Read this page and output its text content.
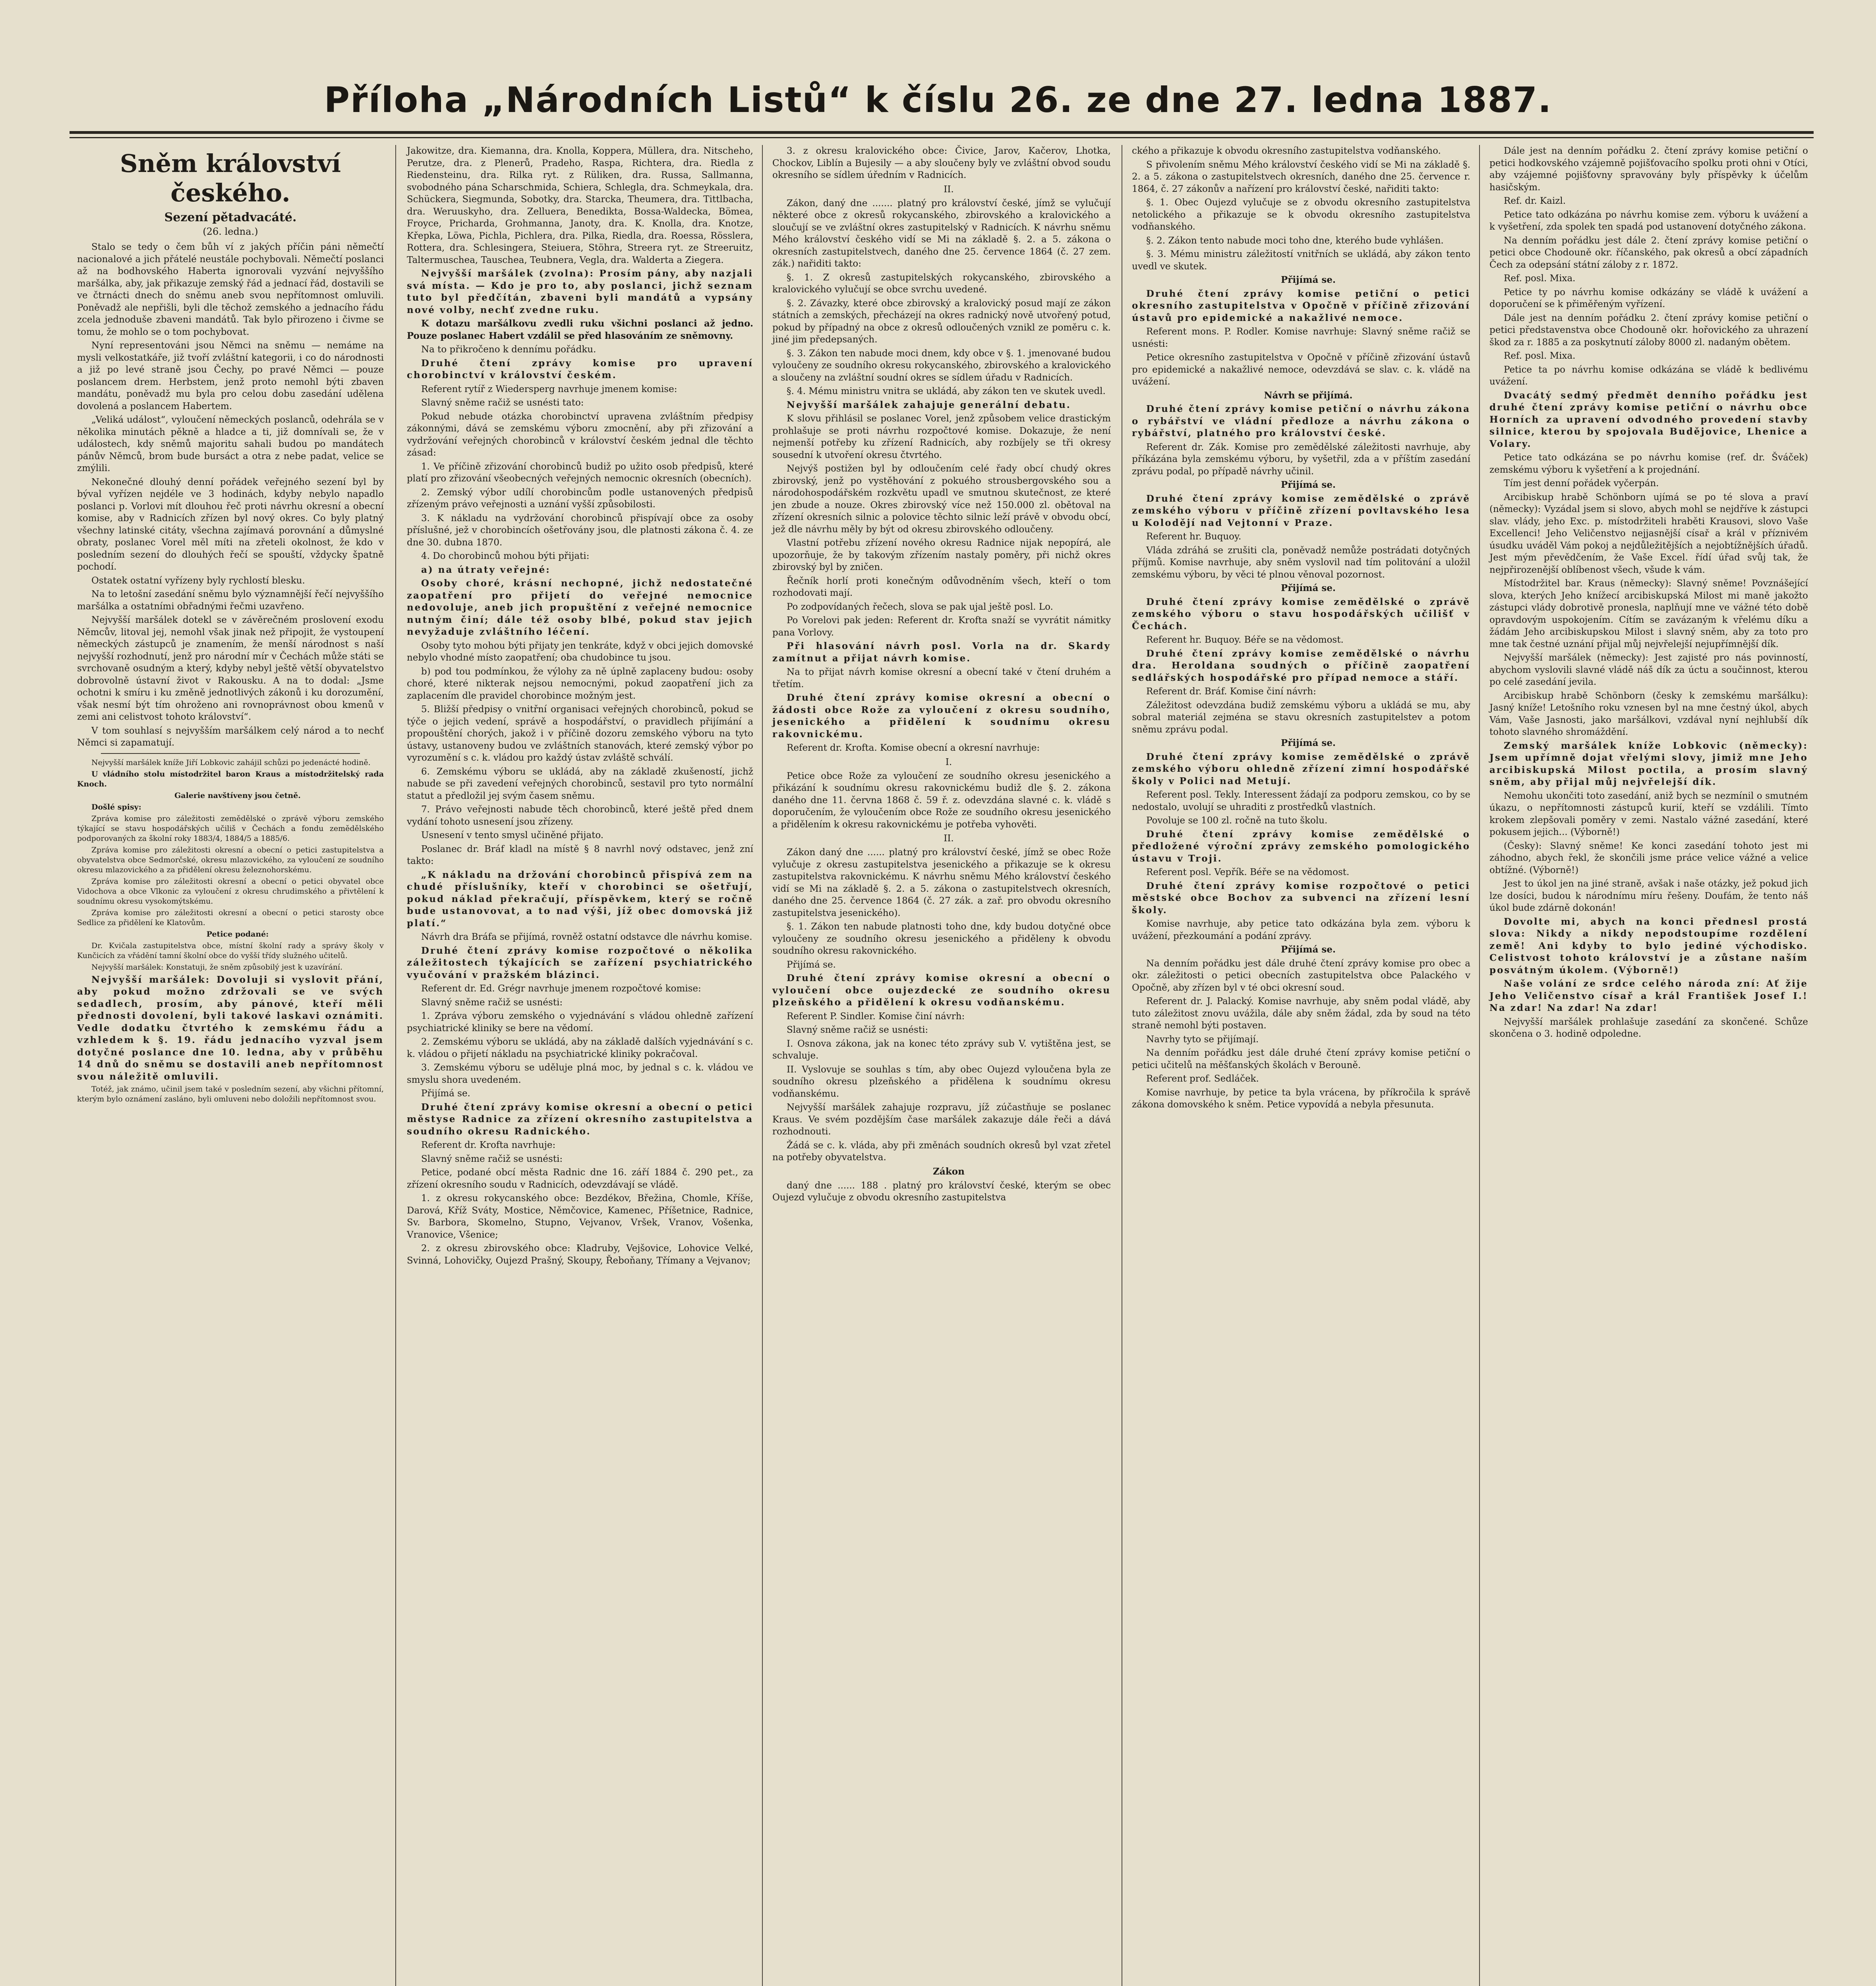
Příloha „Národních Listů“ k číslu 26. ze dne 27. ledna 1887.
Sněm království českého.
Sezení pětadvacáté.
(26. ledna.)

Stalo se tedy o čem bůh ví z jakých příčin páni němečtí nacionalové a jich přátelé neustále pochybovali. Němečtí poslanci až na bodhovského Haberta ignorovali vyzvání nejvyššího maršálka, aby, jak přikazuje zemský řád a jednací řád, dostavili se ve čtrnácti dnech do sněmu aneb svou nepřítomnost omluvili. Poněvadž ale nepřišli, byli dle těchož zemského a jednacího řádu zcela jednoduše zbaveni mandátů. Tak bylo přirozeno i čivme se tomu, že mohlo se o tom pochybovat.

Nyní representováni jsou Němci na sněmu — nemáme na mysli velkostatkáře, již tvoří zvláštní kategorii, i co do národnosti a již po levé straně jsou Čechy, po pravé Němci — pouze poslancem drem. Herbstem, jenž proto nemohl býti zbaven mandátu, poněvadž mu byla pro celou dobu zasedání udělena dovolená a poslancem Habertem.

„Veliká událost“, vyloučení německých poslanců, odehrála se v několika minutách pěkně a hladce a ti, již domnívali se, že v událostech, kdy sněmů majoritu sahali budou po mandátech pánův Němců, brom bude bursáct a otra z nebe padat, velice se zmýlili.

Nekonečné dlouhý denní pořádek veřejného sezení byl by býval vyřízen nejdéle ve 3 hodinách, kdyby nebylo napadlo poslanci p. Vorlovi mít dlouhou řeč proti návrhu okresní a obecní komise, aby v Radnicích zřízen byl nový okres. Co byly platný všechny latinské citáty, všechna zajímavá porovnání a důmyslné obraty, poslanec Vorel měl míti na zřeteli okolnost, že kdo v posledním sezení do dlouhých řečí se spouští, vždycky špatně pochodí.

Ostatek ostatní vyřízeny byly rychlostí blesku.

Na to letošní zasedání sněmu bylo významnější řečí nejvyššího maršálka a ostatními obřadnými řečmi uzavřeno.

Nejvyšší maršálek dotekl se v závěrečném proslovení exodu Němcův, litoval jej, nemohl však jinak než připojit, že vystoupení německých zástupců je znamením, že menší národnost s naší nejvyšší rozhodnutí, jenž pro národní mír v Čechách může státi se svrchovaně osudným a který, kdyby nebyl ještě větší obyvatelstvo dobrovolně ústavní život v Rakousku. A na to dodal: „Jsme ochotni k smíru i ku změně jednotlivých zákonů i ku dorozumění, však nesmí být tím ohroženo ani rovnoprávnost obou kmenů v zemi ani celistvost tohoto království“.

V tom souhlasí s nejvyšším maršálkem celý národ a to nechť Němci si zapamatují.

Nejvyšší maršálek kníže Jiří Lobkovic zahájil schůzi po jedenácté hodině.

U vládního stolu místodržitel baron Kraus a místodržitelský rada Knoch.

Galerie navštíveny jsou četně.

Došlé spisy:

Zpráva komise pro záležitosti zemědělské o zprávě výboru zemského týkající se stavu hospodářských učiliš v Čechách a fondu zemědělského podporovaných za školní roky 1883/4, 1884/5 a 1885/6.

Zpráva komise pro záležitosti okresní a obecní o petici zastupitelstva a obyvatelstva obce Sedmorčské, okresu mlazovického, za vyloučení ze soudního okresu mlazovického a za přidělení okresu železnohorskému.

Zpráva komise pro záležitosti okresní a obecní o petici obyvatel obce Vidochova a obce Vlkonic za vyloučení z okresu chrudimského a přivtělení k soudnímu okresu vysokomýtskému.

Zpráva komise pro záležitosti okresní a obecní o petici starosty obce Sedlice za přidělení ke Klatovům.

Petice podané:

Dr. Kvičala zastupitelstva obce, místní školní rady a správy školy v Kunčicích za vřádění tamní školní obce do vyšší třídy služného učitelů.

Nejvyšší maršálek: Konstatuji, že sněm způsobilý jest k uzavírání.

Nejvyšší maršálek: Dovoluji si vyslovit přání, aby pokud možno zdržovali se ve svých sedadlech, prosím, aby pánové, kteří měli přednosti dovolení, byli takové laskavi oznámiti. Vedle dodatku čtvrtého k zemskému řádu a vzhledem k §. 19. řádu jednacího vyzval jsem dotyčné poslance dne 10. ledna, aby v průběhu 14 dnů do sněmu se dostavili aneb nepřítomnost svou náležitě omluvili.

Totéž, jak známo, učinil jsem také v posledním sezení, aby všichni přítomní, kterým bylo oznámení zasláno, byli omluveni nebo doložili nepřítomnost svou.

Jakowitze, dra. Kiemanna, dra. Knolla, Koppera, Müllera, dra. Nitscheho, Perutze, dra. z Plenerů, Pradeho, Raspa, Richtera, dra. Riedla z Riedensteinu, dra. Rilka ryt. z Rüliken, dra. Russa, Sallmanna, svobodného pána Scharschmida, Schiera, Schlegla, dra. Schmeykala, dra. Schückera, Siegmunda, Sobotky, dra. Starcka, Theumera, dra. Tittlbacha, dra. Weruuskyho, dra. Zelluera, Benedikta, Bossa-Waldecka, Bömea, Froyce, Pricharda, Grohmanna, Janoty, dra. K. Knolla, dra. Knotze, Křepka, Löwa, Pichla, Pichlera, dra. Pilka, Riedla, dra. Roessa, Rösslera, Rottera, dra. Schlesingera, Steiuera, Stöhra, Streera ryt. ze Streeruitz, Taltermuschea, Tauschea, Teubnera, Vegla, dra. Walderta a Ziegera.

Nejvyšší maršálek (zvolna): Prosím pány, aby nazjali svá místa. — Kdo je pro to, aby poslanci, jichž seznam tuto byl předčítán, zbaveni byli mandátů a vypsány nové volby, nechť zvedne ruku.

K dotazu maršálkovu zvedli ruku všichni poslanci až jedno. Pouze poslanec Habert vzdálil se před hlasováním ze sněmovny.

Na to přikročeno k dennímu pořádku.

Druhé čtení zprávy komise pro upravení chorobinctví v království českém.

Referent rytíř z Wiedersperg navrhuje jmenem komise:

Slavný sněme račiž se usnésti tato:

Pokud nebude otázka chorobinctví upravena zvláštním předpisy zákonnými, dává se zemskému výboru zmocnění, aby při zřizování a vydržování veřejných chorobinců v království českém jednal dle těchto zásad:

1. Ve příčině zřizování chorobinců budiž po užito osob předpisů, které platí pro zřizování všeobecných veřejných nemocnic okresních (obecních).

2. Zemský výbor udílí chorobincům podle ustanovených předpisů zřízeným právo veřejnosti a uznání vyšší způsobilosti.

3. K nákladu na vydržování chorobinců přispívají obce za osoby příslušné, jež v chorobincích ošetřovány jsou, dle platnosti zákona č. 4. ze dne 30. dubna 1870.

4. Do chorobinců mohou býti přijati:

a) na útraty veřejné:

Osoby choré, krásní nechopné, jichž nedostatečné zaopatření pro přijetí do veřejné nemocnice nedovoluje, aneb jich propuštění z veřejné nemocnice nutným činí; dále též osoby blbé, pokud stav jejich nevyžaduje zvláštního léčení.

Osoby tyto mohou býti přijaty jen tenkráte, když v obci jejich domovské nebylo vhodné místo zaopatření; oba chudobince tu jsou.

b) pod tou podmínkou, že výlohy za ně úplně zaplaceny budou: osoby choré, které nikterak nejsou nemocnými, pokud zaopatření jich za zaplacením dle pravidel chorobince možným jest.

5. Bližší předpisy o vnitřní organisaci veřejných chorobinců, pokud se týče o jejich vedení, správě a hospodářství, o pravidlech přijímání a propouštění chorých, jakož i v příčině dozoru zemského výboru na tyto ústavy, ustanoveny budou ve zvláštních stanovách, které zemský výbor po vyrozumění s c. k. vládou pro každý ústav zvláště schválí.

6. Zemskému výboru se ukládá, aby na základě zkušeností, jichž nabude se při zavedení veřejných chorobinců, sestavil pro tyto normální statut a předložil jej svým časem sněmu.

7. Právo veřejnosti nabude těch chorobinců, které ještě před dnem vydání tohoto usnesení jsou zřízeny.

Usnesení v tento smysl učiněné přijato.

Poslanec dr. Bráf kladl na místě § 8 navrhl nový odstavec, jenž zní takto:

„K nákladu na držování chorobinců přispívá zem na chudé příslušníky, kteří v chorobinci se ošetřují, pokud náklad překračují, příspěvkem, který se ročně bude ustanovovat, a to nad výši, jíž obec domovská již platí.“

Návrh dra Bráfa se přijímá, rovněž ostatní odstavce dle návrhu komise.

Druhé čtení zprávy komise rozpočtové o několika záležitostech týkajících se zařízení psychiatrického vyučování v pražském blázinci.

Referent dr. Ed. Grégr navrhuje jmenem rozpočtové komise:

Slavný sněme račiž se usnésti:

1. Zpráva výboru zemského o vyjednávání s vládou ohledně zařízení psychiatrické kliniky se bere na vědomí.

2. Zemskému výboru se ukládá, aby na základě dalších vyjednávání s c. k. vládou o přijetí nákladu na psychiatrické kliniky pokračoval.

3. Zemskému výboru se uděluje plná moc, by jednal s c. k. vládou ve smyslu shora uvedeném.

Přijímá se.

Druhé čtení zprávy komise okresní a obecní o petici městyse Radnice za zřízení okresního zastupitelstva a soudního okresu Radnického.

Referent dr. Krofta navrhuje:

Slavný sněme račiž se usnésti:

Petice, podané obcí města Radnic dne 16. září 1884 č. 290 pet., za zřízení okresního soudu v Radnicích, odevzdávají se vládě.

1. z okresu rokycanského obce: Bezdékov, Břežina, Chomle, Kříše, Darová, Kříž Sváty, Mostice, Němčovice, Kamenec, Příšetnice, Radnice, Sv. Barbora, Skomelno, Stupno, Vejvanov, Vršek, Vranov, Vošenka, Vranovice, Všenice;

2. z okresu zbirovského obce: Kladruby, Vejšovice, Lohovice Velké, Svinná, Lohovičky, Oujezd Prašný, Skoupy, Řeboňany, Třímany a Vejvanov;

3. z okresu kralovického obce: Čivice, Jarov, Kačerov, Lhotka, Chockov, Liblín a Bujesily — a aby sloučeny byly ve zvláštní obvod soudu okresního se sídlem úředním v Radnicích.

II.

Zákon, daný dne ....... platný pro království české, jímž se vylučují některé obce z okresů rokycanského, zbirovského a kralovického a sloučují se ve zvláštní okres zastupitelský v Radnicích. K návrhu sněmu Mého království českého vidí se Mi na základě §. 2. a 5. zákona o okresních zastupitelstvech, daného dne 25. července 1864 (č. 27 zem. zák.) nařiditi takto:

§. 1. Z okresů zastupitelských rokycanského, zbirovského a kralovického vylučují se obce svrchu uvedené.

§. 2. Závazky, které obce zbirovský a kralovický posud mají ze zákon státních a zemských, přecházejí na okres radnický nově utvořený potud, pokud by případný na obce z okresů odloučených vznikl ze poměru c. k. jiné jim předepsaných.

§. 3. Zákon ten nabude moci dnem, kdy obce v §. 1. jmenované budou vyloučeny ze soudního okresu rokycanského, zbirovského a kralovického a sloučeny na zvláštní soudní okres se sídlem úřadu v Radnicích.

§. 4. Mému ministru vnitra se ukládá, aby zákon ten ve skutek uvedl.

Nejvyšší maršálek zahajuje generální debatu.

K slovu přihlásil se poslanec Vorel, jenž způsobem velice drastickým prohlašuje se proti návrhu rozpočtové komise. Dokazuje, že není nejmenší potřeby ku zřízení Radnicích, aby rozbíjely se tři okresy sousední k utvoření okresu čtvrtého.

Nejvýš postižen byl by odloučením celé řady obcí chudý okres zbirovský, jenž po vystěhování z pokuého strousbergovského sou a národohospodářském rozkvětu upadl ve smutnou skutečnost, ze které jen zbude a nouze. Okres zbirovský více než 150.000 zl. obětoval na zřízení okresních silnic a polovice těchto silnic leží právě v obvodu obcí, jež dle návrhu měly by být od okresu zbirovského odloučeny.

Vlastní potřebu zřízení nového okresu Radnice nijak nepopírá, ale upozorňuje, že by takovým zřízením nastaly poměry, při nichž okres zbirovský byl by zničen.

Řečník horlí proti konečným odůvodněním všech, kteří o tom rozhodovati mají.

Po zodpovídaných řečech, slova se pak ujal ještě posl. Lo.

Po Vorelovi pak jeden: Referent dr. Krofta snaží se vyvrátit námitky pana Vorlovy.

Při hlasování návrh posl. Vorla na dr. Skardy zamítnut a přijat návrh komise.

Na to přijat návrh komise okresní a obecní také v čtení druhém a třetím.

Druhé čtení zprávy komise okresní a obecní o žádosti obce Rože za vyloučení z okresu soudního, jesenického a přidělení k soudnímu okresu rakovnickému.

Referent dr. Krofta. Komise obecní a okresní navrhuje:

I.

Petice obce Rože za vyloučení ze soudního okresu jesenického a přikázání k soudnímu okresu rakovnickému budiž dle §. 2. zákona daného dne 11. června 1868 č. 59 ř. z. odevzdána slavné c. k. vládě s doporučením, že vyloučením obce Rože ze soudního okresu jesenického a přidělením k okresu rakovnickému je potřeba vyhověti.

II.

Zákon daný dne ...... platný pro království české, jímž se obec Rože vylučuje z okresu zastupitelstva jesenického a přikazuje se k okresu zastupitelstva rakovnickému. K návrhu sněmu Mého království českého vidí se Mi na základě §. 2. a 5. zákona o zastupitelstvech okresních, daného dne 25. července 1864 (č. 27 zák. a zař. pro obvodu okresního zastupitelstva jesenického).

§. 1. Zákon ten nabude platnosti toho dne, kdy budou dotyčné obce vyloučeny ze soudního okresu jesenického a přiděleny k obvodu soudního okresu rakovnického.

Přijímá se.

Druhé čtení zprávy komise okresní a obecní o vyloučení obce oujezdecké ze soudního okresu plzeňského a přidělení k okresu vodňanskému.

Referent P. Sindler. Komise činí návrh:

Slavný sněme račiž se usnésti:

I. Osnova zákona, jak na konec této zprávy sub V. vytištěna jest, se schvaluje.

II. Vyslovuje se souhlas s tím, aby obec Oujezd vyloučena byla ze soudního okresu plzeňského a přidělena k soudnímu okresu vodňanskému.

Nejvyšší maršálek zahajuje rozpravu, jíž zúčastňuje se poslanec Kraus. Ve svém pozdějším čase maršálek zakazuje dále řeči a dává rozhodnouti.

Žádá se c. k. vláda, aby při změnách soudních okresů byl vzat zřetel na potřeby obyvatelstva.

Zákon

daný dne ...... 188 . platný pro království české, kterým se obec Oujezd vylučuje z obvodu okresního zastupitelstva

ckého a přikazuje k obvodu okresního zastupitelstva vodňanského.

S přivolením sněmu Mého království českého vidí se Mi na základě §. 2. a 5. zákona o zastupitelstvech okresních, daného dne 25. července r. 1864, č. 27 zákonův a nařízení pro království české, nařiditi takto:

§. 1. Obec Oujezd vylučuje se z obvodu okresního zastupitelstva netolického a přikazuje se k obvodu okresního zastupitelstva vodňanského.

§. 2. Zákon tento nabude moci toho dne, kterého bude vyhlášen.

§. 3. Mému ministru záležitostí vnitřních se ukládá, aby zákon tento uvedl ve skutek.

Přijímá se.

Druhé čtení zprávy komise petiční o petici okresního zastupitelstva v Opočně v příčině zřizování ústavů pro epidemické a nakažlivé nemoce.

Referent mons. P. Rodler. Komise navrhuje: Slavný sněme račiž se usnésti:

Petice okresního zastupitelstva v Opočně v příčině zřizování ústavů pro epidemické a nakažlivé nemoce, odevzdává se slav. c. k. vládě na uvážení.

Návrh se přijímá.

Druhé čtení zprávy komise petiční o návrhu zákona o rybářství ve vládní předloze a návrhu zákona o rybářství, platného pro království české.

Referent dr. Zák. Komise pro zemědělské záležitosti navrhuje, aby příkázána byla zemskému výboru, by vyšetřil, zda a v příštím zasedání zprávu podal, po případě návrhy učinil.

Přijímá se.

Druhé čtení zprávy komise zemědělské o zprávě zemského výboru v příčině zřízení povltavského lesa u Kolodějí nad Vejtonní v Praze.

Referent hr. Buquoy.

Vláda zdráhá se zrušiti cla, poněvadž nemůže postrádati dotyčných příjmů. Komise navrhuje, aby sněm vyslovil nad tím politování a uložil zemskému výboru, by věci té plnou věnoval pozornost.

Přijímá se.

Druhé čtení zprávy komise zemědělské o zprávě zemského výboru o stavu hospodářských učilišť v Čechách.

Referent hr. Buquoy. Béře se na vědomost.

Druhé čtení zprávy komise zemědělské o návrhu dra. Heroldana soudných o příčině zaopatření sedlářských hospodářské pro případ nemoce a stáří.

Referent dr. Bráf. Komise činí návrh:

Záležitost odevzdána budiž zemskému výboru a ukládá se mu, aby sobral materiál zejména se stavu okresních zastupitelstev a potom sněmu zprávu podal.

Přijímá se.

Druhé čtení zprávy komise zemědělské o zprávě zemského výboru ohledně zřízení zimní hospodářské školy v Polici nad Metují.

Referent posl. Tekly. Interessent žádají za podporu zemskou, co by se nedostalo, uvolují se uhraditi z prostředků vlastních.

Povoluje se 100 zl. ročně na tuto školu.

Druhé čtení zprávy komise zemědělské o předložené výroční zprávy zemského pomologického ústavu v Troji.

Referent posl. Vepřík. Béře se na vědomost.

Druhé čtení zprávy komise rozpočtové o petici městské obce Bochov za subvenci na zřízení lesní školy.

Komise navrhuje, aby petice tato odkázána byla zem. výboru k uvážení, přezkoumání a podání zprávy.

Přijímá se.

Na denním pořádku jest dále druhé čtení zprávy komise pro obec a okr. záležitosti o petici obecních zastupitelstva obce Palackého v Opočně, aby zřízen byl v té obci okresní soud.

Referent dr. J. Palacký. Komise navrhuje, aby sněm podal vládě, aby tuto záležitost znovu uvážila, dále aby sněm žádal, zda by soud na této straně nemohl býti postaven.

Navrhy tyto se přijímají.

Na denním pořádku jest dále druhé čtení zprávy komise petiční o petici učitelů na měšťanských školách v Berouně.

Referent prof. Sedláček.

Komise navrhuje, by petice ta byla vrácena, by příkročila k správě zákona domovského k sněm. Petice vypovídá a nebyla přesunuta.

Dále jest na denním pořádku 2. čtení zprávy komise petiční o petici hodkovského vzájemně pojišťovacího spolku proti ohni v Otíci, aby vzájemné pojišťovny spravovány byly příspěvky k účelům hasičským.

Ref. dr. Kaizl.

Petice tato odkázána po návrhu komise zem. výboru k uvážení a k vyšetření, zda spolek ten spadá pod ustanovení dotyčného zákona.

Na denním pořádku jest dále 2. čtení zprávy komise petiční o petici obce Chodouně okr. říčanského, pak okresů a obcí západních Čech za odepsání státní záloby z r. 1872.

Ref. posl. Mixa.

Petice ty po návrhu komise odkázány se vládě k uvážení a doporučení se k přiměřeným vyřízení.

Dále jest na denním pořádku 2. čtení zprávy komise petiční o petici představenstva obce Chodouně okr. hořovického za uhrazení škod za r. 1885 a za poskytnutí záloby 8000 zl. nadaným obětem.

Ref. posl. Mixa.

Petice ta po návrhu komise odkázána se vládě k bedlivému uvážení.

Dvacátý sedmý předmět denního pořádku jest druhé čtení zprávy komise petiční o návrhu obce Horních za upravení odvodného provedení stavby silnice, kterou by spojovala Budějovice, Lhenice a Volary.

Petice tato odkázána se po návrhu komise (ref. dr. Šváček) zemskému výboru k vyšetření a k projednání.

Tím jest denní pořádek vyčerpán.

Arcibiskup hrabě Schönborn ujímá se po té slova a praví (německy): Vyzádal jsem si slovo, abych mohl se nejdříve k zástupci slav. vlády, jeho Exc. p. místodržiteli hraběti Krausovi, slovo Vaše Excellenci! Jeho Veličenstvo nejjasnější císař a král v příznivém úsudku uváděl Vám pokoj a nejdůležitějších a nejobtížnějších úřadů. Jest mým převědčením, že Vaše Excel. řídí úřad svůj tak, že nejpřirozenější oblíbenost všech, všude k vám.

Místodržitel bar. Kraus (německy): Slavný sněme! Povznášející slova, kterých Jeho knížecí arcibiskupská Milost mi maně jakožto zástupci vlády dobrotivě pronesla, naplňují mne ve vážné této době opravdovým uspokojením. Cítím se zavázaným k vřelému díku a žádám Jeho arcibiskupskou Milost i slavný sněm, aby za toto pro mne tak čestné uznání přijal můj nejvřelejší nejupřímnější dík.

Nejvyšší maršálek (německy): Jest zajisté pro nás povinností, abychom vyslovili slavné vládě náš dík za úctu a součinnost, kterou po celé zasedání jevila.

Arcibiskup hrabě Schönborn (česky k zemskému maršálku): Jasný kníže! Letošního roku vznesen byl na mne čestný úkol, abych Vám, Vaše Jasnosti, jako maršálkovi, vzdával nyní nejhlubší dík tohoto slavného shromáždění.

Zemský maršálek kníže Lobkovic (německy): Jsem upřímně dojat vřelými slovy, jimiž mne Jeho arcibiskupská Milost poctila, a prosím slavný sněm, aby přijal můj nejvřelejší dík.

Nemohu ukončiti toto zasedání, aniž bych se nezmínil o smutném úkazu, o nepřítomnosti zástupců kurií, kteří se vzdálili. Tímto krokem zlepšovali poměry v zemi. Nastalo vážné zasedání, které pokusem jejich... (Výborně!)

(Česky): Slavný sněme! Ke konci zasedání tohoto jest mi záhodno, abych řekl, že skončili jsme práce velice vážné a velice obtížné. (Výborně!)

Jest to úkol jen na jiné straně, avšak i naše otázky, jež pokud jich lze dosíci, budou k národnímu míru řešeny. Doufám, že tento náš úkol bude zdárně dokonán!

Dovolte mi, abych na konci přednesl prostá slova: Nikdy a nikdy nepodstoupíme rozdělení země! Ani kdyby to bylo jediné východisko. Celistvost tohoto království je a zůstane naším posvátným úkolem. (Výborně!)

Naše volání ze srdce celého národa zní: Ať žije Jeho Veličenstvo císař a král František Josef I.! Na zdar! Na zdar! Na zdar!

Nejvyšší maršálek prohlašuje zasedání za skončené. Schůze skončena o 3. hodině odpoledne.
